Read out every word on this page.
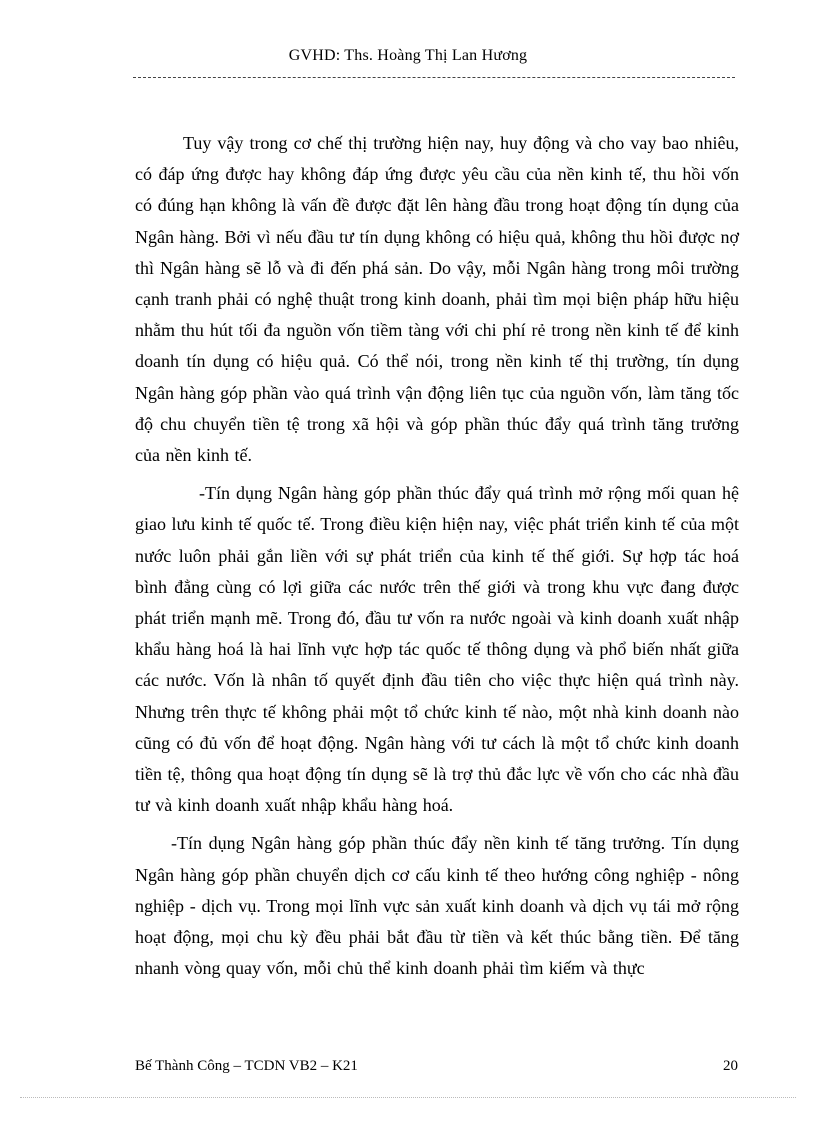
GVHD: Ths. Hoàng Thị Lan Hương

Tuy vậy trong cơ chế thị trường hiện nay, huy động và cho vay bao nhiêu, có đáp ứng được hay không đáp ứng được yêu cầu của nền kinh tế, thu hồi vốn có đúng hạn không là vấn đề được đặt lên hàng đầu trong hoạt động tín dụng của Ngân hàng. Bởi vì nếu đầu tư tín dụng không có hiệu quả, không thu hồi được nợ thì Ngân hàng sẽ lỗ và đi đến phá sản. Do vậy, mỗi Ngân hàng trong môi trường cạnh tranh phải có nghệ thuật trong kinh doanh, phải tìm mọi biện pháp hữu hiệu nhằm thu hút tối đa nguồn vốn tiềm tàng với chi phí rẻ trong nền kinh tế để kinh doanh tín dụng có hiệu quả. Có thể nói, trong nền kinh tế thị trường, tín dụng Ngân hàng góp phần vào quá trình vận động liên tục của nguồn vốn, làm tăng tốc độ chu chuyển tiền tệ trong xã hội và góp phần thúc đẩy quá trình tăng trưởng của nền kinh tế.

-Tín dụng Ngân hàng góp phần thúc đẩy quá trình mở rộng mối quan hệ giao lưu kinh tế quốc tế. Trong điều kiện hiện nay, việc phát triển kinh tế của một nước luôn phải gắn liền với sự phát triển của kinh tế thế giới. Sự hợp tác hoá bình đẳng cùng có lợi giữa các nước trên thế giới và trong khu vực đang được phát triển mạnh mẽ. Trong đó, đầu tư vốn ra nước ngoài và kinh doanh xuất nhập khẩu hàng hoá là hai lĩnh vực hợp tác quốc tế thông dụng và phổ biến nhất giữa các nước. Vốn là nhân tố quyết định đầu tiên cho việc thực hiện quá trình này. Nhưng trên thực tế không phải một tổ chức kinh tế nào, một nhà kinh doanh nào cũng có đủ vốn để hoạt động. Ngân hàng với tư cách là một tổ chức kinh doanh tiền tệ, thông qua hoạt động tín dụng sẽ là trợ thủ đắc lực về vốn cho các nhà đầu tư và kinh doanh xuất nhập khẩu hàng hoá.

-Tín dụng Ngân hàng góp phần thúc đẩy nền kinh tế tăng trưởng. Tín dụng Ngân hàng góp phần chuyển dịch cơ cấu kinh tế theo hướng công nghiệp - nông nghiệp - dịch vụ. Trong mọi lĩnh vực sản xuất kinh doanh và dịch vụ tái mở rộng hoạt động, mọi chu kỳ đều phải bắt đầu từ tiền và kết thúc bằng tiền. Để tăng nhanh vòng quay vốn, mỗi chủ thể kinh doanh phải tìm kiếm và thực

Bế Thành Công – TCDN VB2 – K21	20
